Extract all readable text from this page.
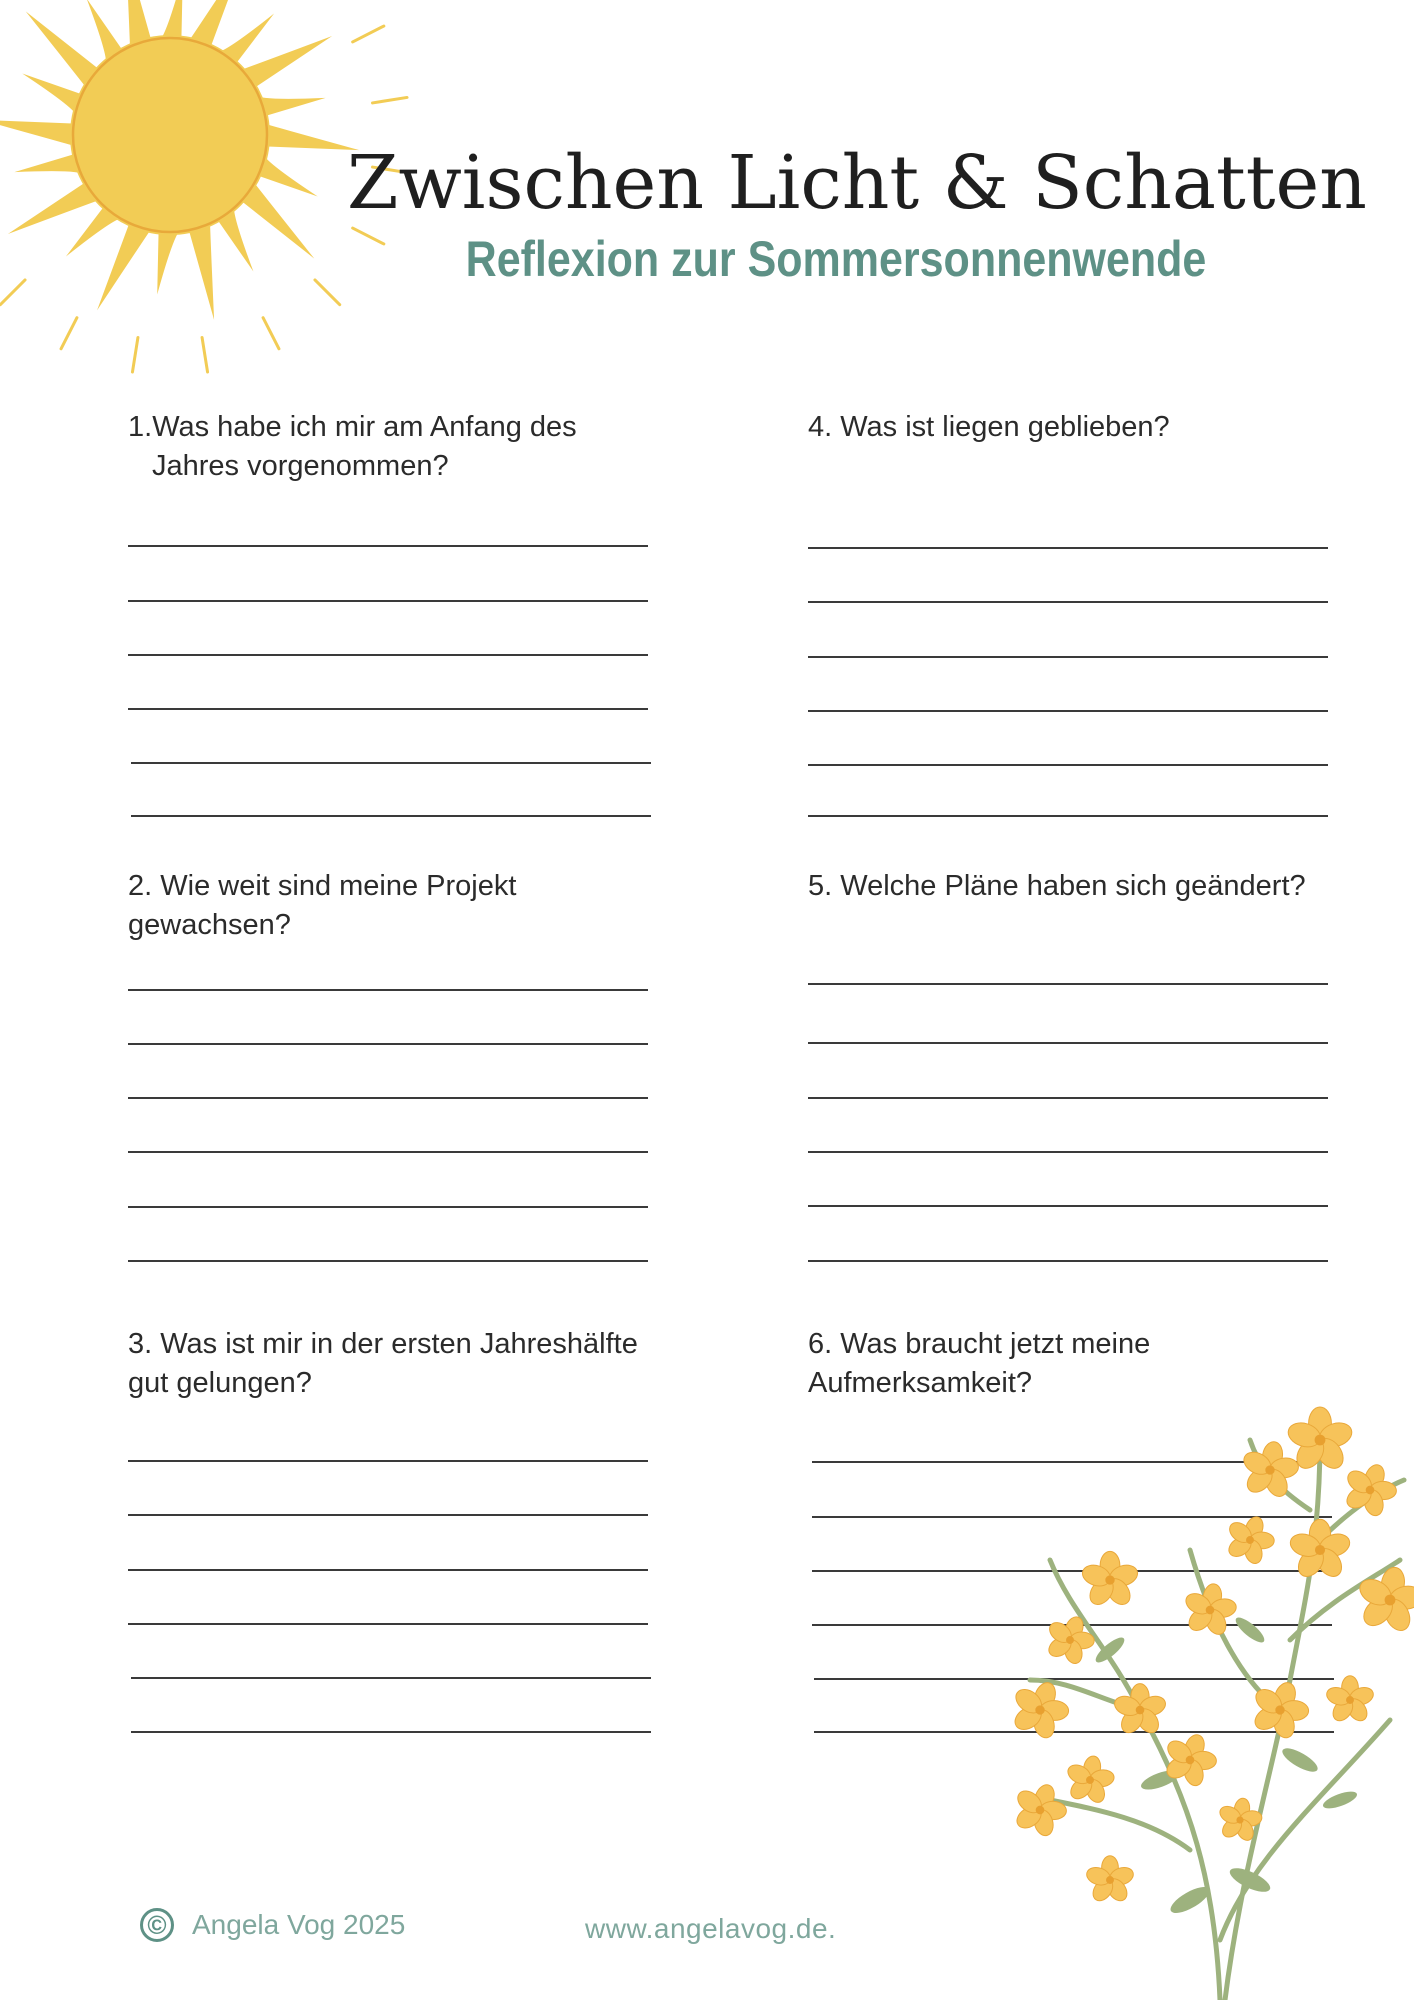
Zwischen Licht & Schatten
Reflexion zur Sommersonnenwende
1.Was habe ich mir am Anfang des
Jahres vorgenommen?
2. Wie weit sind meine Projekt
gewachsen?
3. Was ist mir in der ersten Jahreshälfte
gut gelungen?
4. Was ist liegen geblieben?
5. Welche Pläne haben sich geändert?
6. Was braucht jetzt meine
Aufmerksamkeit?
© Angela Vog 2025	www.angelavog.de.
